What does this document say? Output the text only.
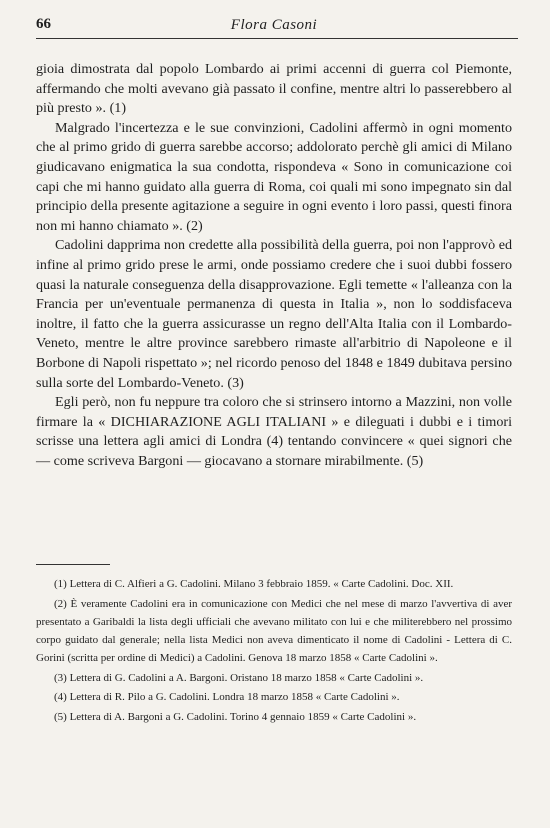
66	Flora Casoni

gioia dimostrata dal popolo Lombardo ai primi accenni di guerra col Piemonte, affermando che molti avevano già passato il confine, mentre altri lo passerebbero al più presto ». (1)

Malgrado l'incertezza e le sue convinzioni, Cadolini affermò in ogni momento che al primo grido di guerra sarebbe accorso; addolorato perchè gli amici di Milano giudicavano enigmatica la sua condotta, rispondeva « Sono in comunicazione coi capi che mi hanno guidato alla guerra di Roma, coi quali mi sono impegnato sin dal principio della presente agitazione a seguire in ogni evento i loro passi, questi finora non mi hanno chiamato ». (2)

Cadolini dapprima non credette alla possibilità della guerra, poi non l'approvò ed infine al primo grido prese le armi, onde possiamo credere che i suoi dubbi fossero quasi la naturale conseguenza della disapprovazione. Egli temette « l'alleanza con la Francia per un'eventuale permanenza di questa in Italia », non lo soddisfaceva inoltre, il fatto che la guerra assicurasse un regno dell'Alta Italia con il Lombardo-Veneto, mentre le altre province sarebbero rimaste all'arbitrio di Napoleone e il Borbone di Napoli rispettato »; nel ricordo penoso del 1848 e 1849 dubitava persino sulla sorte del Lombardo-Veneto. (3)

Egli però, non fu neppure tra coloro che si strinsero intorno a Mazzini, non volle firmare la « DICHIARAZIONE AGLI ITALIANI » e dileguati i dubbi e i timori scrisse una lettera agli amici di Londra (4) tentando convincere « quei signori che — come scriveva Bargoni — giocavano a stornare mirabilmente. (5)

(1) Lettera di C. Alfieri a G. Cadolini. Milano 3 febbraio 1859. « Carte Cadolini. Doc. XII.

(2) È veramente Cadolini era in comunicazione con Medici che nel mese di marzo l'avvertiva di aver presentato a Garibaldi la lista degli ufficiali che avevano militato con lui e che militerebbero nel prossimo corpo guidato dal generale; nella lista Medici non aveva dimenticato il nome di Cadolini - Lettera di C. Gorini (scritta per ordine di Medici) a Cadolini. Genova 18 marzo 1858 « Carte Cadolini ».

(3) Lettera di G. Cadolini a A. Bargoni. Oristano 18 marzo 1858 « Carte Cadolini ».

(4) Lettera di R. Pilo a G. Cadolini. Londra 18 marzo 1858 « Carte Cadolini ».

(5) Lettera di A. Bargoni a G. Cadolini. Torino 4 gennaio 1859 « Carte Cadolini ».
